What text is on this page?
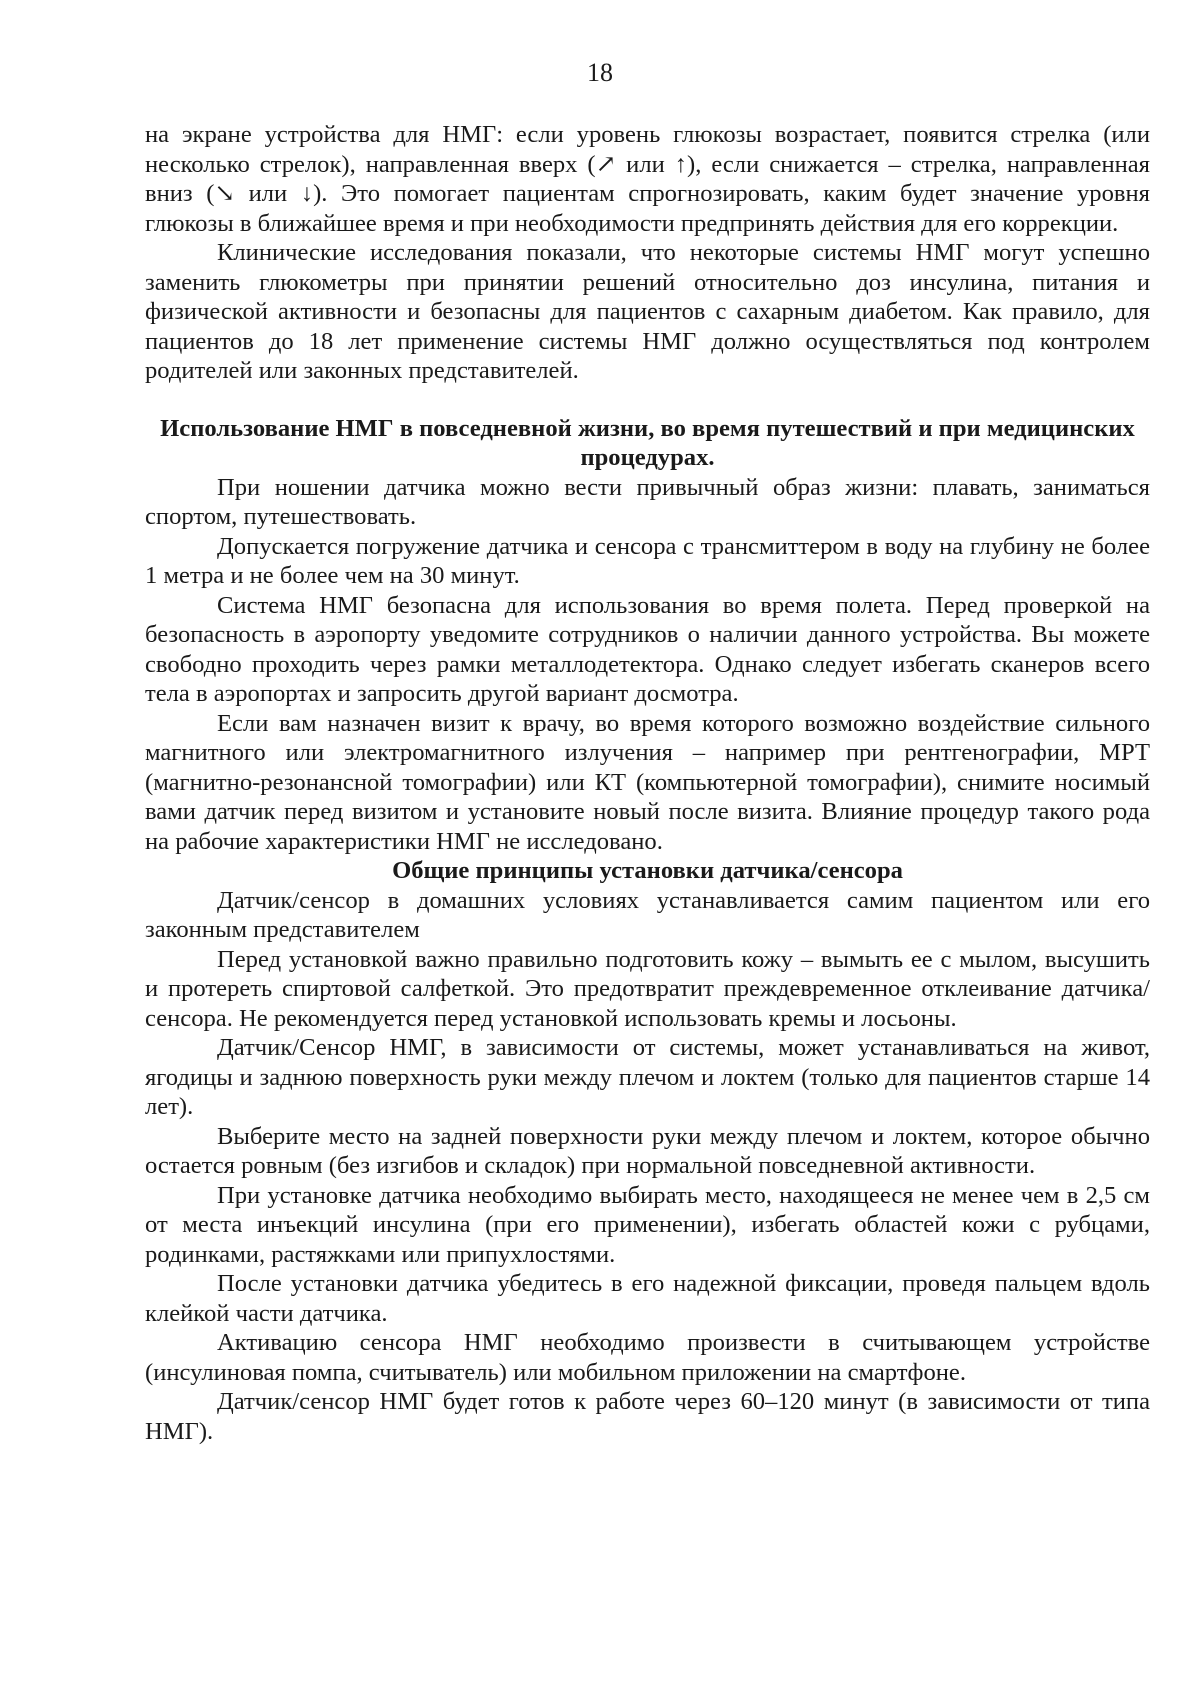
18

на экране устройства для НМГ: если уровень глюкозы возрастает, появится стрелка (или несколько стрелок), направленная вверх (↗ или ↑), если снижается – стрелка, направленная вниз (↘ или ↓). Это помогает пациентам спрогнозировать, каким будет значение уровня глюкозы в ближайшее время и при необходимости предпринять действия для его коррекции.

Клинические исследования показали, что некоторые системы НМГ могут успешно заменить глюкометры при принятии решений относительно доз инсулина, питания и физической активности и безопасны для пациентов с сахарным диабетом. Как правило, для пациентов до 18 лет применение системы НМГ должно осуществляться под контролем родителей или законных представителей.

Использование НМГ в повседневной жизни, во время путешествий и при медицинских процедурах.

При ношении датчика можно вести привычный образ жизни: плавать, заниматься спортом, путешествовать.

Допускается погружение датчика и сенсора с трансмиттером в воду на глубину не более 1 метра и не более чем на 30 минут.

Система НМГ безопасна для использования во время полета. Перед проверкой на безопасность в аэропорту уведомите сотрудников о наличии данного устройства. Вы можете свободно проходить через рамки металлодетектора. Однако следует избегать сканеров всего тела в аэропортах и запросить другой вариант досмотра.

Если вам назначен визит к врачу, во время которого возможно воздействие сильного магнитного или электромагнитного излучения – например при рентгенографии, МРТ (магнитно-резонансной томографии) или КТ (компьютерной томографии), снимите носимый вами датчик перед визитом и установите новый после визита. Влияние процедур такого рода на рабочие характеристики НМГ не исследовано.

Общие принципы установки датчика/сенсора

Датчик/сенсор в домашних условиях устанавливается самим пациентом или его законным представителем

Перед установкой важно правильно подготовить кожу – вымыть ее с мылом, высушить и протереть спиртовой салфеткой. Это предотвратит преждевременное отклеивание датчика/сенсора. Не рекомендуется перед установкой использовать кремы и лосьоны.

Датчик/Сенсор НМГ, в зависимости от системы, может устанавливаться на живот, ягодицы и заднюю поверхность руки между плечом и локтем (только для пациентов старше 14 лет).

Выберите место на задней поверхности руки между плечом и локтем, которое обычно остается ровным (без изгибов и складок) при нормальной повседневной активности.

При установке датчика необходимо выбирать место, находящееся не менее чем в 2,5 см от места инъекций инсулина (при его применении), избегать областей кожи с рубцами, родинками, растяжками или припухлостями.

После установки датчика убедитесь в его надежной фиксации, проведя пальцем вдоль клейкой части датчика.

Активацию сенсора НМГ необходимо произвести в считывающем устройстве (инсулиновая помпа, считыватель) или мобильном приложении на смартфоне.

Датчик/сенсор НМГ будет готов к работе через 60–120 минут (в зависимости от типа НМГ).
